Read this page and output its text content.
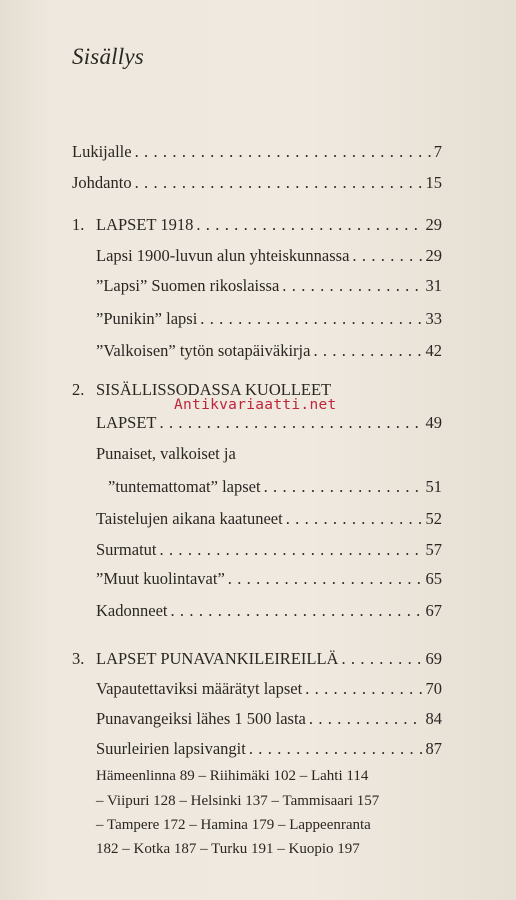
Sisällys
Lukijalle . . .	7
Johdanto . . .	15
1. LAPSET 1918 . . .	29
Lapsi 1900-luvun alun yhteiskunnassa . . .	29
”Lapsi” Suomen rikoslaissa . . .	31
”Punikin” lapsi . . .	33
”Valkoisen” tytön sotapäiväkirja . . .	42
2. SISÄLLISSODASSA KUOLLEET
LAPSET . . .	49
Punaiset, valkoiset ja
”tuntemattomat” lapset . . .	51
Taistelujen aikana kaatuneet . . .	52
Surmatut . . .	57
”Muut kuolintavat” . . .	65
Kadonneet . . .	67
3. LAPSET PUNAVANKILEIREILLÄ . . .	69
Vapautettaviksi määrätyt lapset . . .	70
Punavangeiksi lähes 1 500 lasta . . .	84
Suurleirien lapsivangit . . .	87
Hämeenlinna 89 – Riihimäki 102 – Lahti 114
– Viipuri 128 – Helsinki 137 – Tammisaari 157
– Tampere 172 – Hamina 179 – Lappeenranta
182 – Kotka 187 – Turku 191 – Kuopio 197
Antikvariaatti.net
